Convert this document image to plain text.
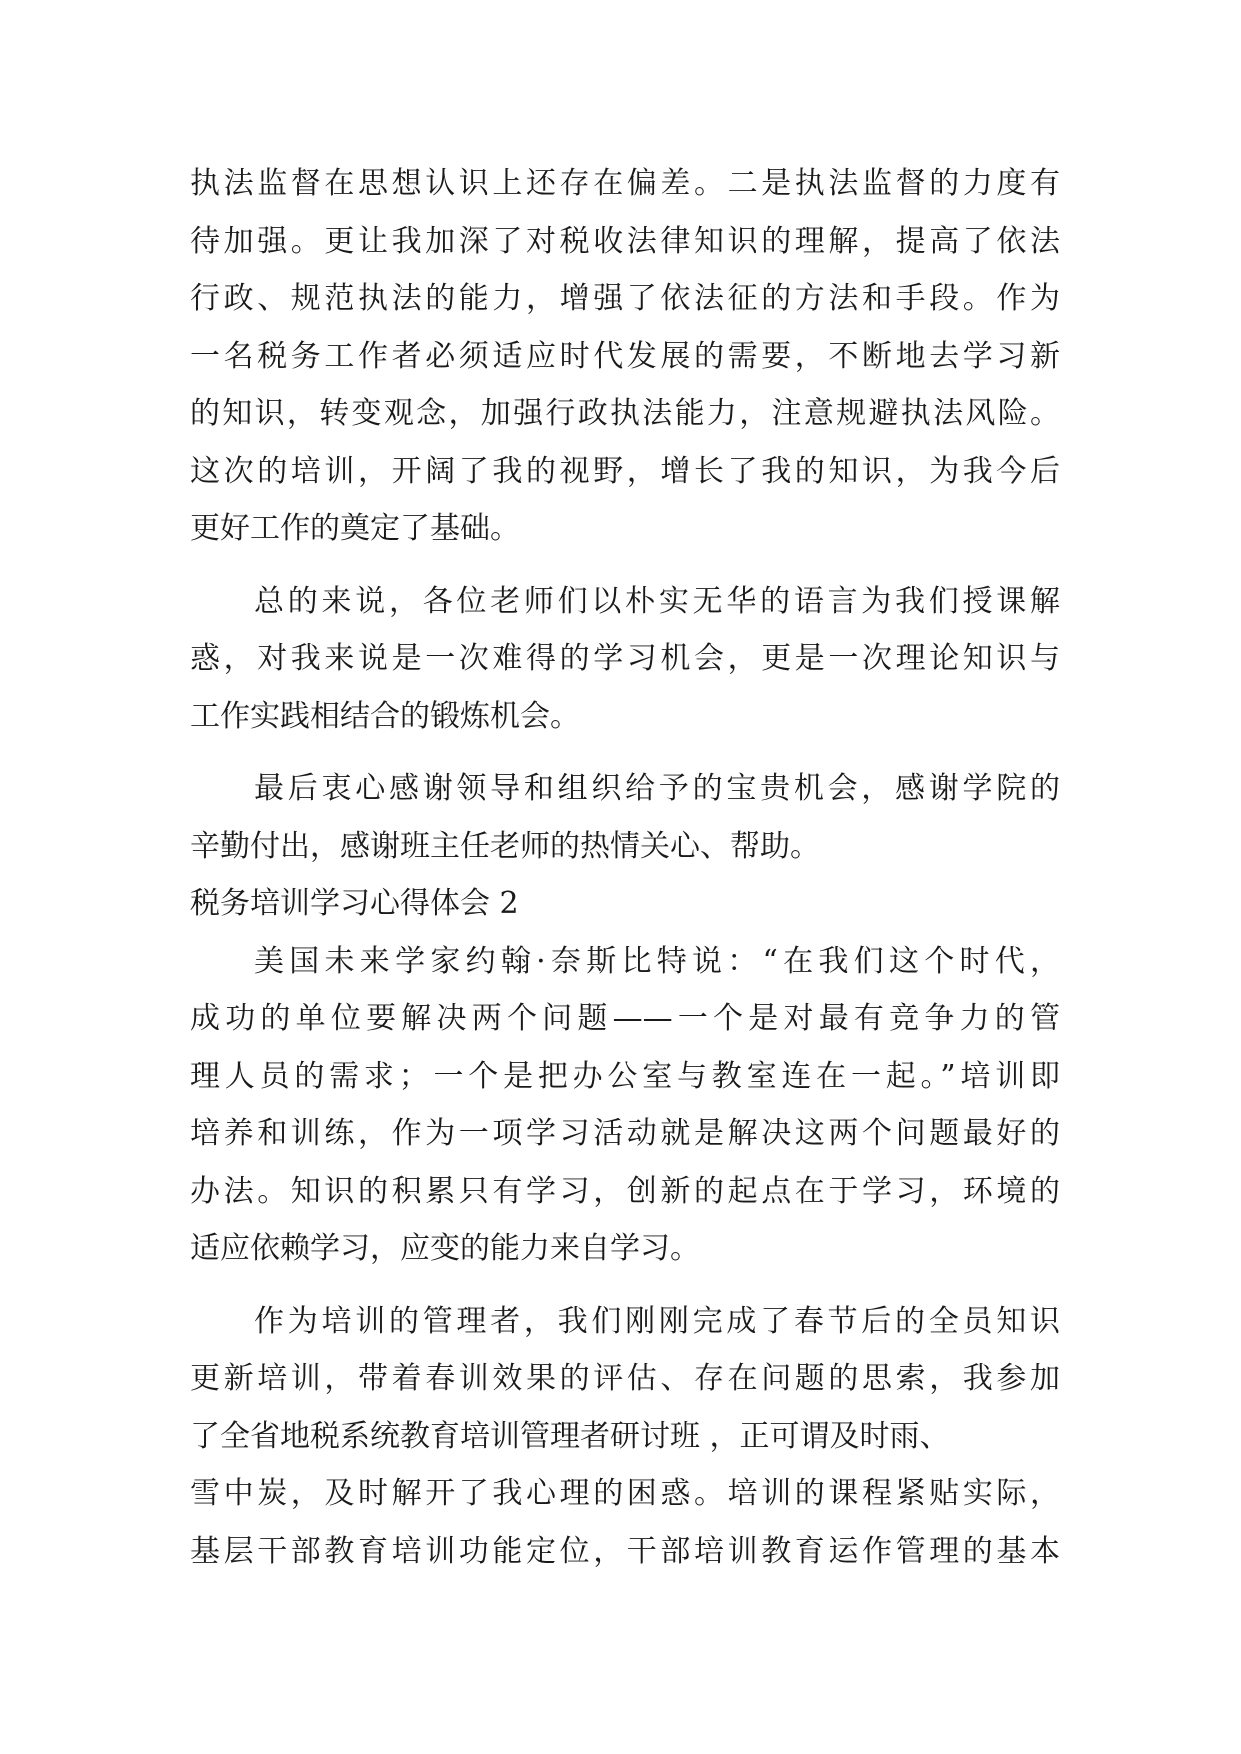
执法监督在思想认识上还存在偏差。二是执法监督的力度有
待加强。更让我加深了对税收法律知识的理解，提高了依法
行政、规范执法的能力，增强了依法征的方法和手段。作为
一名税务工作者必须适应时代发展的需要，不断地去学习新
的知识，转变观念，加强行政执法能力，注意规避执法风险。
这次的培训，开阔了我的视野，增长了我的知识，为我今后
更好工作的奠定了基础。
总的来说，各位老师们以朴实无华的语言为我们授课解
惑，对我来说是一次难得的学习机会，更是一次理论知识与
工作实践相结合的锻炼机会。
最后衷心感谢领导和组织给予的宝贵机会，感谢学院的
辛勤付出，感谢班主任老师的热情关心、帮助。
税务培训学习心得体会 2
美国未来学家约翰·奈斯比特说：“在我们这个时代，
成功的单位要解决两个问题——一个是对最有竞争力的管
理人员的需求；一个是把办公室与教室连在一起。”培训即
培养和训练，作为一项学习活动就是解决这两个问题最好的
办法。知识的积累只有学习，创新的起点在于学习，环境的
适应依赖学习，应变的能力来自学习。
作为培训的管理者，我们刚刚完成了春节后的全员知识
更新培训，带着春训效果的评估、存在问题的思索，我参加
了全省地税系统教育培训管理者研讨班 ，正可谓及时雨、
雪中炭，及时解开了我心理的困惑。培训的课程紧贴实际，
基层干部教育培训功能定位，干部培训教育运作管理的基本
